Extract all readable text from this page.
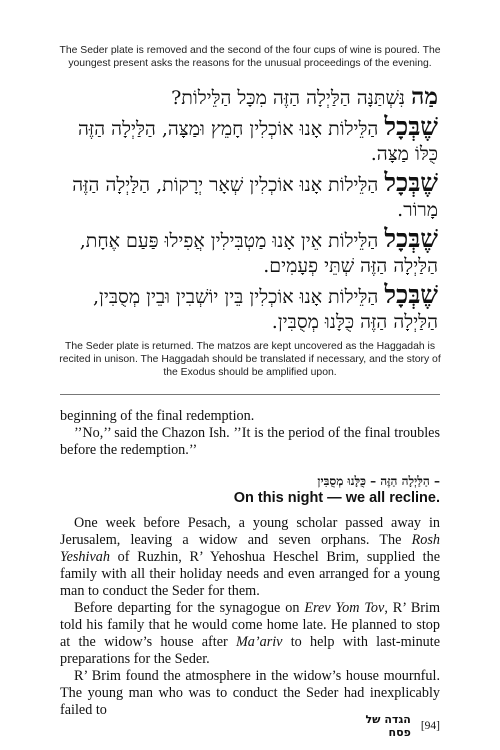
The Seder plate is removed and the second of the four cups of wine is poured. The youngest present asks the reasons for the unusual proceedings of the evening.

מַה נִּשְׁתַּנָּה הַלַּיְלָה הַזֶּה מִכָּל הַלֵּילוֹת?

שֶׁבְּכָל הַלֵּילוֹת אָנוּ אוֹכְלִין חָמֵץ וּמַצָּה, הַלַּיְלָה הַזֶּה כֻּלּוֹ מַצָּה.

שֶׁבְּכָל הַלֵּילוֹת אָנוּ אוֹכְלִין שְׁאָר יְרָקוֹת, הַלַּיְלָה הַזֶּה מָרוֹר.

שֶׁבְּכָל הַלֵּילוֹת אֵין אָנוּ מַטְבִּילִין אֲפִילוּ פַּעַם אֶחָת, הַלַּיְלָה הַזֶּה שְׁתֵּי פְעָמִים.

שֶׁבְּכָל הַלֵּילוֹת אָנוּ אוֹכְלִין בֵּין יוֹשְׁבִין וּבֵין מְסֻבִּין, הַלַּיְלָה הַזֶּה כֻּלָּנוּ מְסֻבִּין.

The Seder plate is returned. The matzos are kept uncovered as the Haggadah is recited in unison. The Haggadah should be translated if necessary, and the story of the Exodus should be amplified upon.

beginning of the final redemption.

’’No,’’ said the Chazon Ish. ’’It is the period of the final troubles before the redemption.’’

– הַלַּיְלָה הַזֶּה – כֻּלָּנוּ מְסֻבִּין
On this night — we all recline.

One week before Pesach, a young scholar passed away in Jerusalem, leaving a widow and seven orphans. The Rosh Yeshivah of Ruzhin, R’ Yehoshua Heschel Brim, supplied the family with all their holiday needs and even arranged for a young man to conduct the Seder for them.

Before departing for the synagogue on Erev Yom Tov, R’ Brim told his family that he would come home late. He planned to stop at the widow’s house after Ma’ariv to help with last-minute preparations for the Seder.

R’ Brim found the atmosphere in the widow’s house mournful. The young man who was to conduct the Seder had inexplicably failed to

הגדה של פסח [94]
